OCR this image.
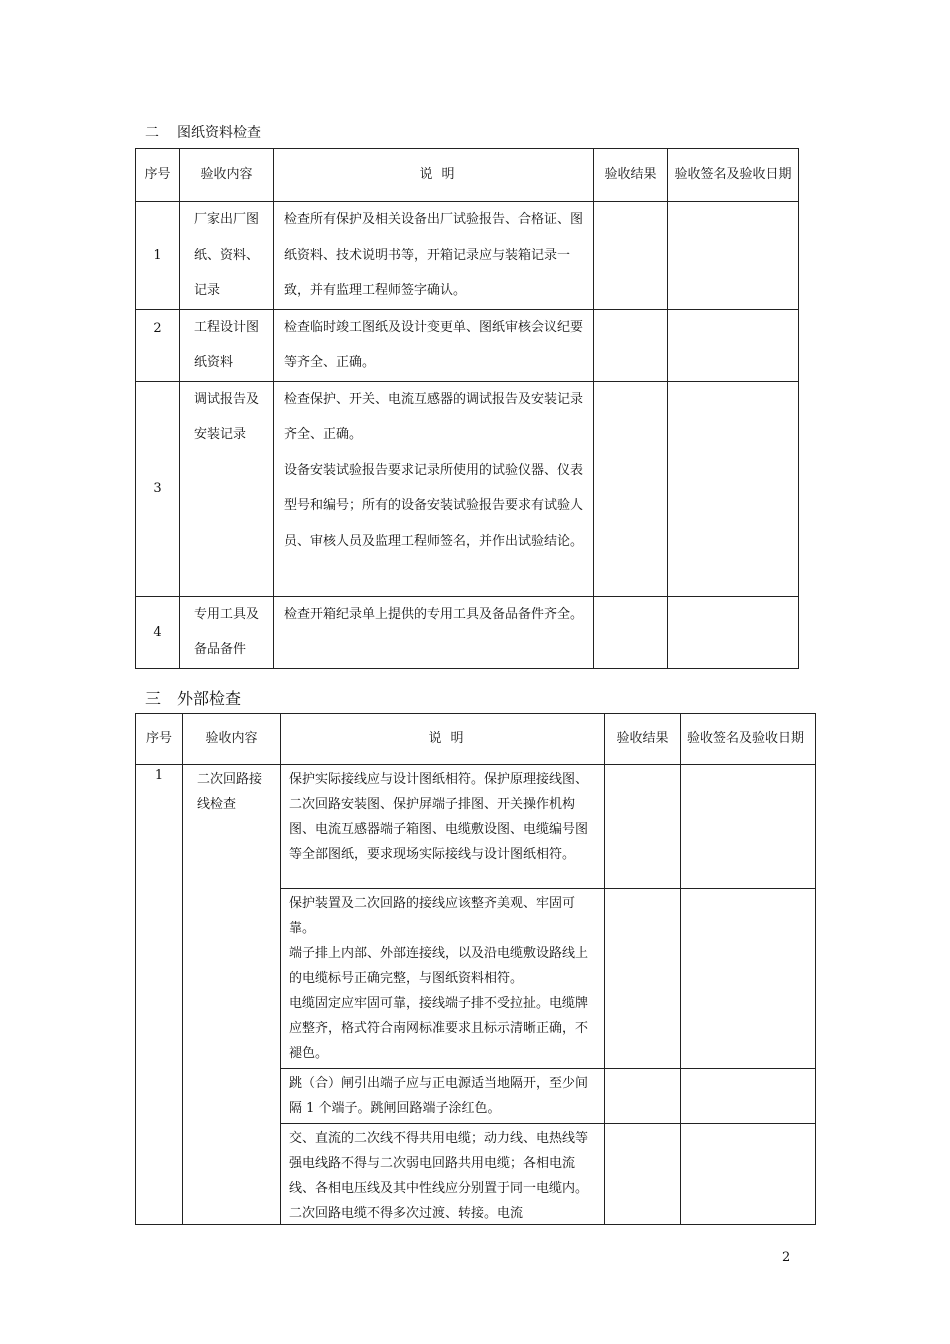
二 图纸资料检查
序号	验收内容	说 明	验收结果	验收签名及验收日期
1	厂家出厂图纸、资料、记录	检查所有保护及相关设备出厂试验报告、合格证、图纸资料、技术说明书等，开箱记录应与装箱记录一致，并有监理工程师签字确认。		
2	工程设计图纸资料	检查临时竣工图纸及设计变更单、图纸审核会议纪要等齐全、正确。		
3	调试报告及安装记录	检查保护、开关、电流互感器的调试报告及安装记录齐全、正确。
设备安装试验报告要求记录所使用的试验仪器、仪表型号和编号；所有的设备安装试验报告要求有试验人员、审核人员及监理工程师签名，并作出试验结论。		

4	专用工具及备品备件	检查开箱纪录单上提供的专用工具及备品备件齐全。		
三 外部检查
序号	验收内容	说 明	验收结果	验收签名及验收日期
1	二次回路接线检查	保护实际接线应与设计图纸相符。保护原理接线图、二次回路安装图、保护屏端子排图、开关操作机构图、电流互感器端子箱图、电缆敷设图、电缆编号图等全部图纸，要求现场实际接线与设计图纸相符。		

		保护装置及二次回路的接线应该整齐美观、牢固可靠。
端子排上内部、外部连接线，以及沿电缆敷设路线上的电缆标号正确完整，与图纸资料相符。
电缆固定应牢固可靠，接线端子排不受拉扯。电缆牌应整齐，格式符合南网标准要求且标示清晰正确，不褪色。		

		跳（合）闸引出端子应与正电源适当地隔开，至少间隔 1 个端子。跳闸回路端子涂红色。		

		交、直流的二次线不得共用电缆；动力线、电热线等强电线路不得与二次弱电回路共用电缆；各相电流线、各相电压线及其中性线应分别置于同一电缆内。二次回路电缆不得多次过渡、转接。电流		

2
